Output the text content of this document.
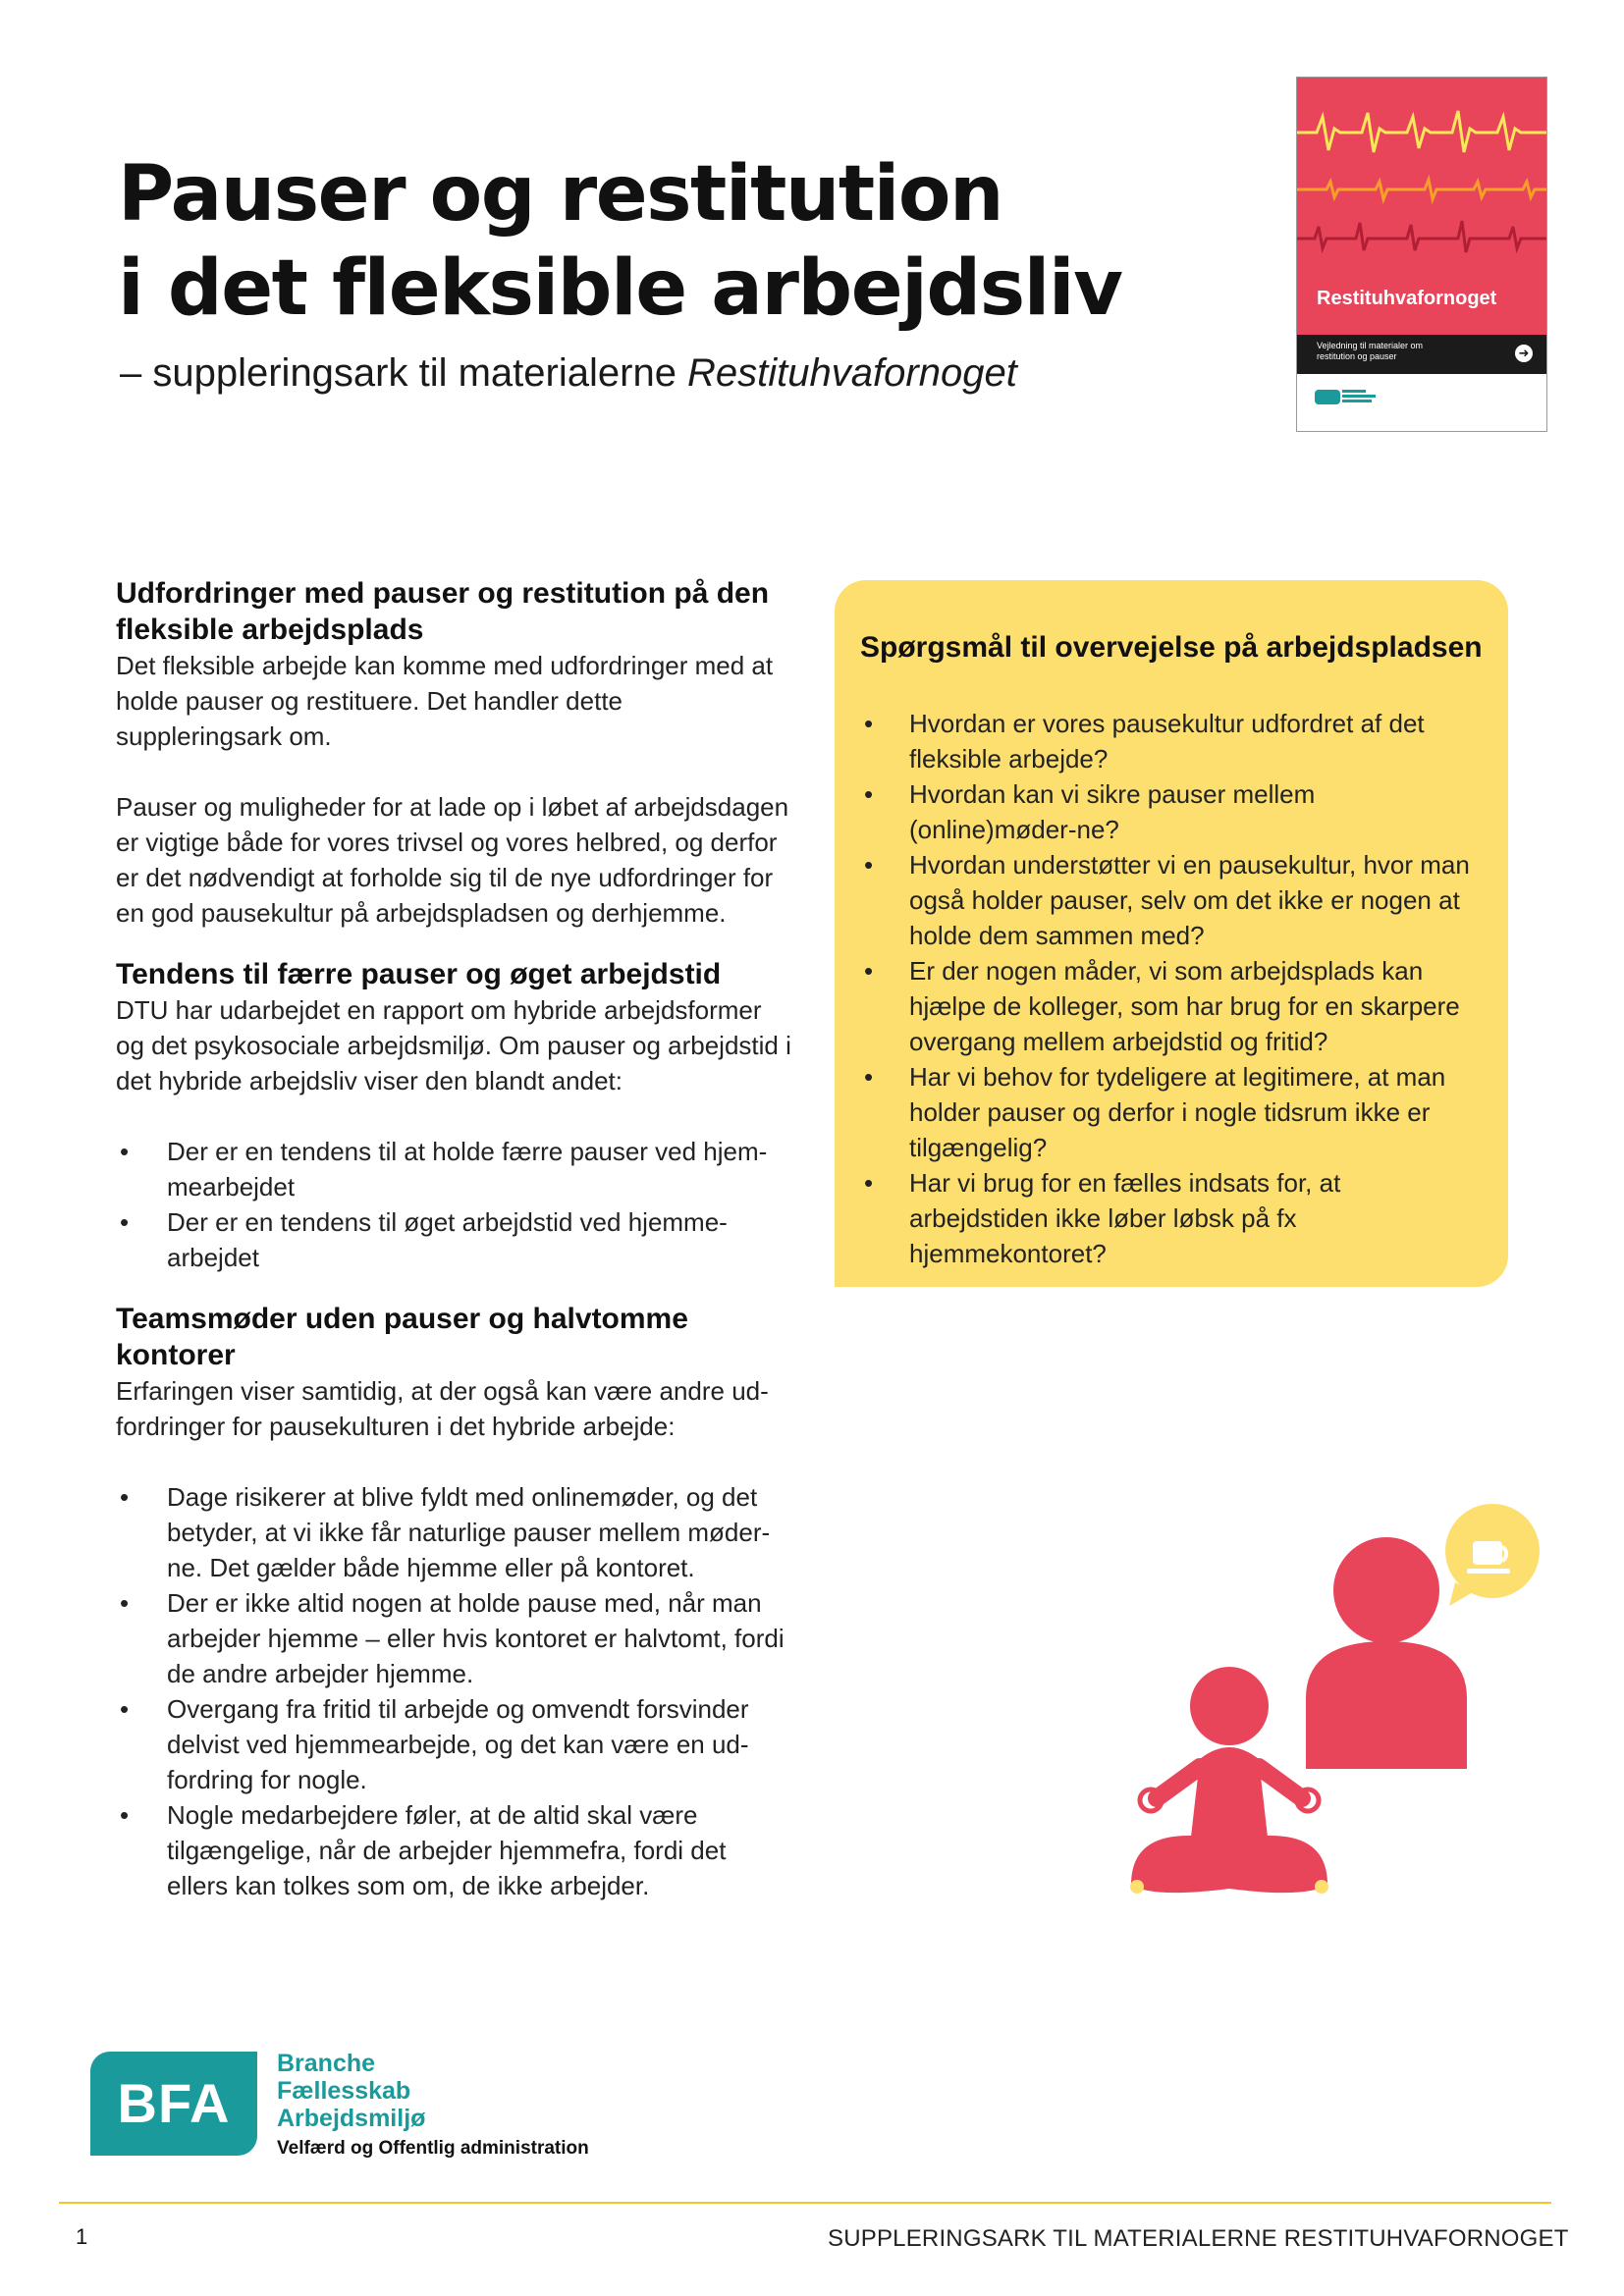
Pauser og restitution
i det fleksible arbejdsliv
– suppleringsark til materialerne Restituhvafornoget
Restituhvafornoget
Vejledning til materialer om restitution og pauser	➜
Udfordringer med pauser og restitution på den fleksible arbejdsplads

Det fleksible arbejde kan komme med udfordringer med at holde pauser og restituere. Det handler dette suppleringsark om.

Pauser og muligheder for at lade op i løbet af arbejdsdagen er vigtige både for vores trivsel og vores helbred, og derfor er det nødvendigt at forholde sig til de nye udfordringer for en god pausekultur på arbejdspladsen og derhjemme.

Tendens til færre pauser og øget arbejdstid

DTU har udarbejdet en rapport om hybride arbejdsformer og det psykosociale arbejdsmiljø. Om pauser og arbejdstid i det hybride arbejdsliv viser den blandt andet:

• Der er en tendens til at holde færre pauser ved hjem-mearbejdet
• Der er en tendens til øget arbejdstid ved hjemme-arbejdet
Teamsmøder uden pauser og halvtomme kontorer

Erfaringen viser samtidig, at der også kan være andre ud-fordringer for pausekulturen i det hybride arbejde:

• Dage risikerer at blive fyldt med onlinemøder, og det betyder, at vi ikke får naturlige pauser mellem møder-ne. Det gælder både hjemme eller på kontoret.
• Der er ikke altid nogen at holde pause med, når man arbejder hjemme – eller hvis kontoret er halvtomt, fordi de andre arbejder hjemme.
• Overgang fra fritid til arbejde og omvendt forsvinder delvist ved hjemmearbejde, og det kan være en ud-fordring for nogle.
• Nogle medarbejdere føler, at de altid skal være tilgængelige, når de arbejder hjemmefra, fordi det ellers kan tolkes som om, de ikke arbejder.
Spørgsmål til overvejelse på arbejdspladsen
• Hvordan er vores pausekultur udfordret af det fleksible arbejde?
• Hvordan kan vi sikre pauser mellem (online)møder-ne?
• Hvordan understøtter vi en pausekultur, hvor man også holder pauser, selv om det ikke er nogen at holde dem sammen med?
• Er der nogen måder, vi som arbejdsplads kan hjælpe de kolleger, som har brug for en skarpere overgang mellem arbejdstid og fritid?
• Har vi behov for tydeligere at legitimere, at man holder pauser og derfor i nogle tidsrum ikke er tilgængelig?
• Har vi brug for en fælles indsats for, at arbejdstiden ikke løber løbsk på fx hjemmekontoret?
BFA
Branche
Fællesskab
Arbejdsmiljø
Velfærd og Offentlig administration
1	SUPPLERINGSARK TIL MATERIALERNE RESTITUHVAFORNOGET
